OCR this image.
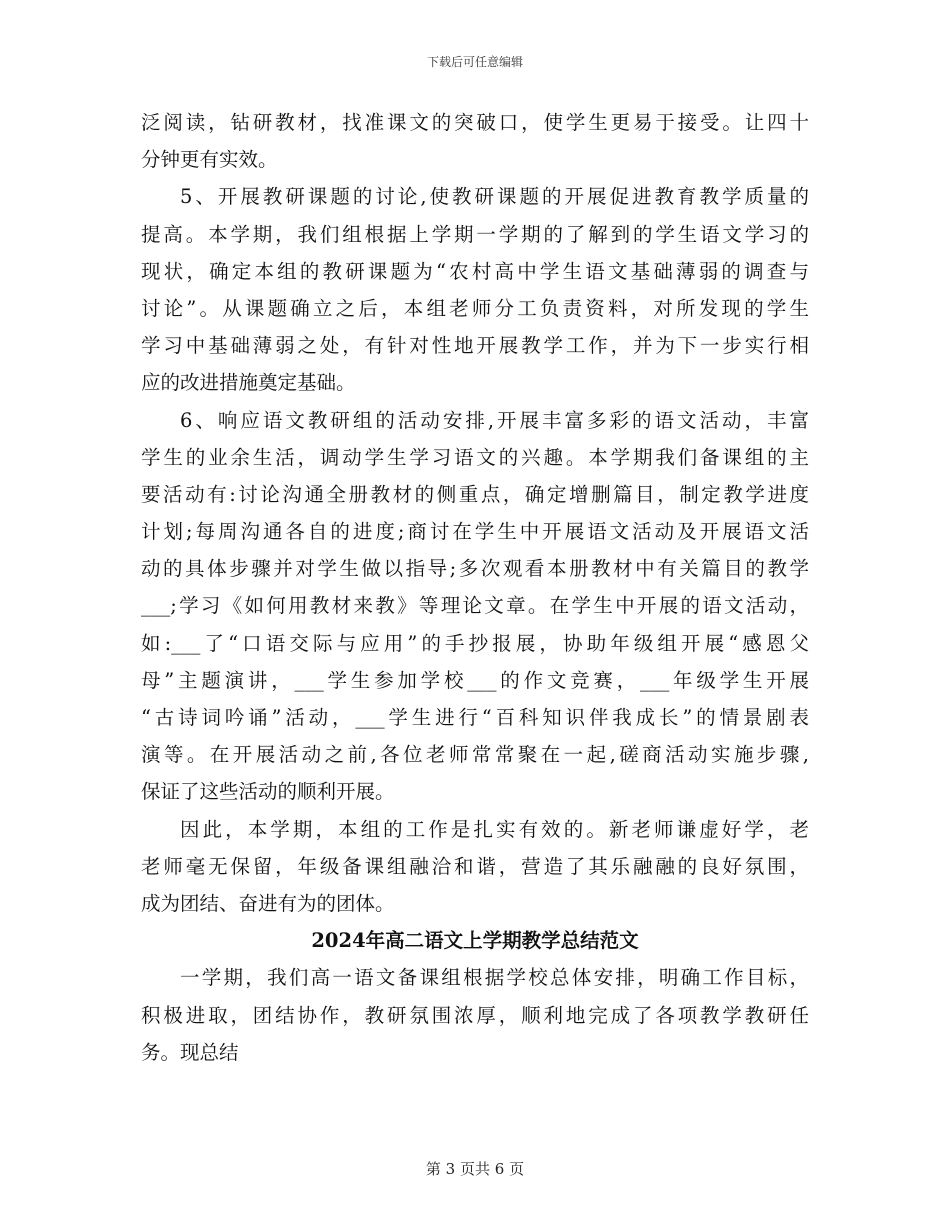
下载后可任意编辑
泛阅读，钻研教材，找准课文的突破口，使学生更易于接受。让四十
分钟更有实效。
5、开展教研课题的讨论,使教研课题的开展促进教育教学质量的
提高。本学期，我们组根据上学期一学期的了解到的学生语文学习的
现状，确定本组的教研课题为“农村高中学生语文基础薄弱的调查与
讨论”。从课题确立之后，本组老师分工负责资料，对所发现的学生
学习中基础薄弱之处，有针对性地开展教学工作，并为下一步实行相
应的改进措施奠定基础。
6、响应语文教研组的活动安排,开展丰富多彩的语文活动，丰富
学生的业余生活，调动学生学习语文的兴趣。本学期我们备课组的主
要活动有:讨论沟通全册教材的侧重点，确定增删篇目，制定教学进度
计划;每周沟通各自的进度;商讨在学生中开展语文活动及开展语文活
动的具体步骤并对学生做以指导;多次观看本册教材中有关篇目的教学
___;学习《如何用教材来教》等理论文章。在学生中开展的语文活动，
如:___了“口语交际与应用”的手抄报展，协助年级组开展“感恩父
母”主题演讲，___学生参加学校___的作文竞赛，___年级学生开展
“古诗词吟诵”活动，___学生进行“百科知识伴我成长”的情景剧表
演等。在开展活动之前,各位老师常常聚在一起,磋商活动实施步骤,
保证了这些活动的顺利开展。
因此，本学期，本组的工作是扎实有效的。新老师谦虚好学，老
老师毫无保留，年级备课组融洽和谐，营造了其乐融融的良好氛围，
成为团结、奋进有为的团体。
2024年高二语文上学期教学总结范文
一学期，我们高一语文备课组根据学校总体安排，明确工作目标，
积极进取，团结协作，教研氛围浓厚，顺利地完成了各项教学教研任
务。现总结
第 3 页共 6 页
